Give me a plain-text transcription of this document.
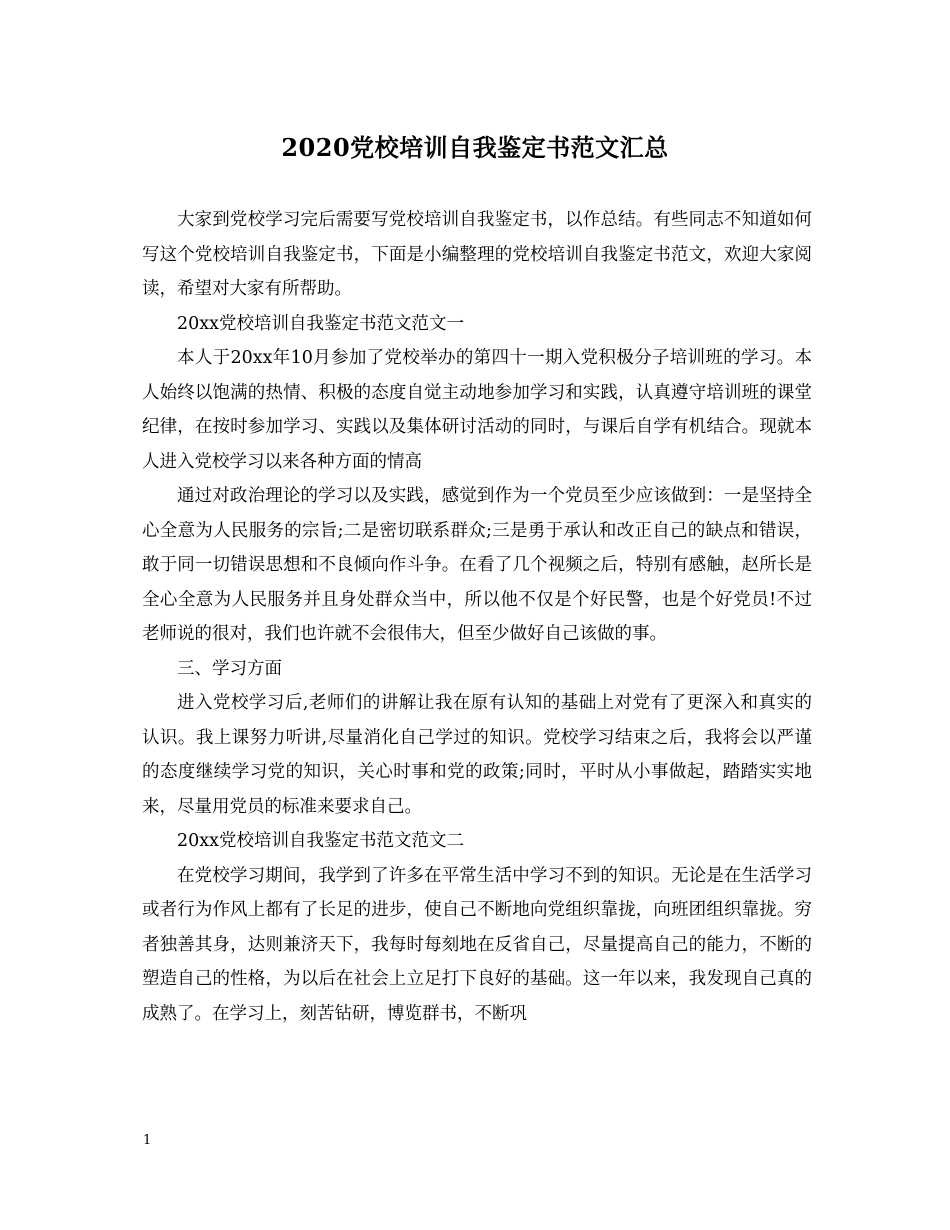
2020党校培训自我鉴定书范文汇总

大家到党校学习完后需要写党校培训自我鉴定书，以作总结。有些同志不知道如何写这个党校培训自我鉴定书，下面是小编整理的党校培训自我鉴定书范文，欢迎大家阅读，希望对大家有所帮助。

20xx党校培训自我鉴定书范文范文一

本人于20xx年10月参加了党校举办的第四十一期入党积极分子培训班的学习。本人始终以饱满的热情、积极的态度自觉主动地参加学习和实践，认真遵守培训班的课堂纪律，在按时参加学习、实践以及集体研讨活动的同时，与课后自学有机结合。现就本人进入党校学习以来各种方面的情高

通过对政治理论的学习以及实践，感觉到作为一个党员至少应该做到：一是坚持全心全意为人民服务的宗旨;二是密切联系群众;三是勇于承认和改正自己的缺点和错误，敢于同一切错误思想和不良倾向作斗争。在看了几个视频之后，特别有感触，赵所长是全心全意为人民服务并且身处群众当中，所以他不仅是个好民警，也是个好党员!不过老师说的很对，我们也许就不会很伟大，但至少做好自己该做的事。

三、学习方面

进入党校学习后,老师们的讲解让我在原有认知的基础上对党有了更深入和真实的认识。我上课努力听讲,尽量消化自己学过的知识。党校学习结束之后，我将会以严谨的态度继续学习党的知识，关心时事和党的政策;同时，平时从小事做起，踏踏实实地来，尽量用党员的标准来要求自己。

20xx党校培训自我鉴定书范文范文二

在党校学习期间，我学到了许多在平常生活中学习不到的知识。无论是在生活学习或者行为作风上都有了长足的进步，使自己不断地向党组织靠拢，向班团组织靠拢。穷者独善其身，达则兼济天下，我每时每刻地在反省自己，尽量提高自己的能力，不断的塑造自己的性格，为以后在社会上立足打下良好的基础。这一年以来，我发现自己真的成熟了。在学习上，刻苦钻研，博览群书，不断巩

1
